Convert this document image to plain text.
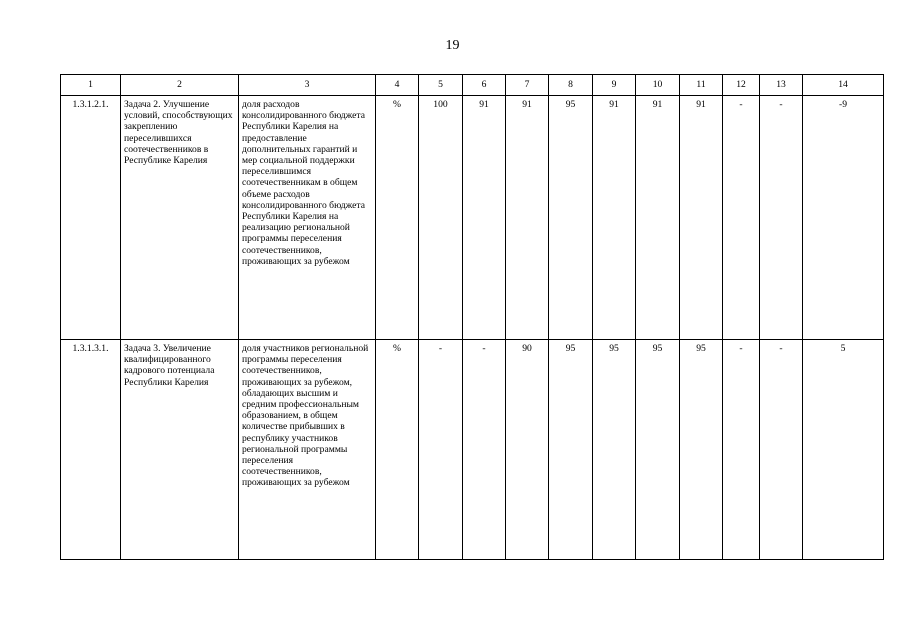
19
1	2	3	4	5	6	7	8	9	10	11	12	13	14
1.3.1.2.1.	Задача 2. Улучшение условий, способствующих закреплению переселившихся соотечественников в Республике Карелия	доля расходов консолидированного бюджета Республики Карелия на предоставление дополнительных гарантий и мер социальной поддержки переселившимся соотечественникам в общем объеме расходов консолидированного бюджета Республики Карелия на реализацию региональной программы переселения соотечественников, проживающих за рубежом	%	100	91	91	95	91	91	91	-	-	-9
1.3.1.3.1.	Задача 3. Увеличение квалифицированного кадрового потенциала Республики Карелия	доля участников региональной программы переселения соотечественников, проживающих за рубежом, обладающих высшим и средним профессиональным образованием, в общем количестве прибывших в республику участников региональной программы переселения соотечественников, проживающих за рубежом	%	-	-	90	95	95	95	95	-	-	5
